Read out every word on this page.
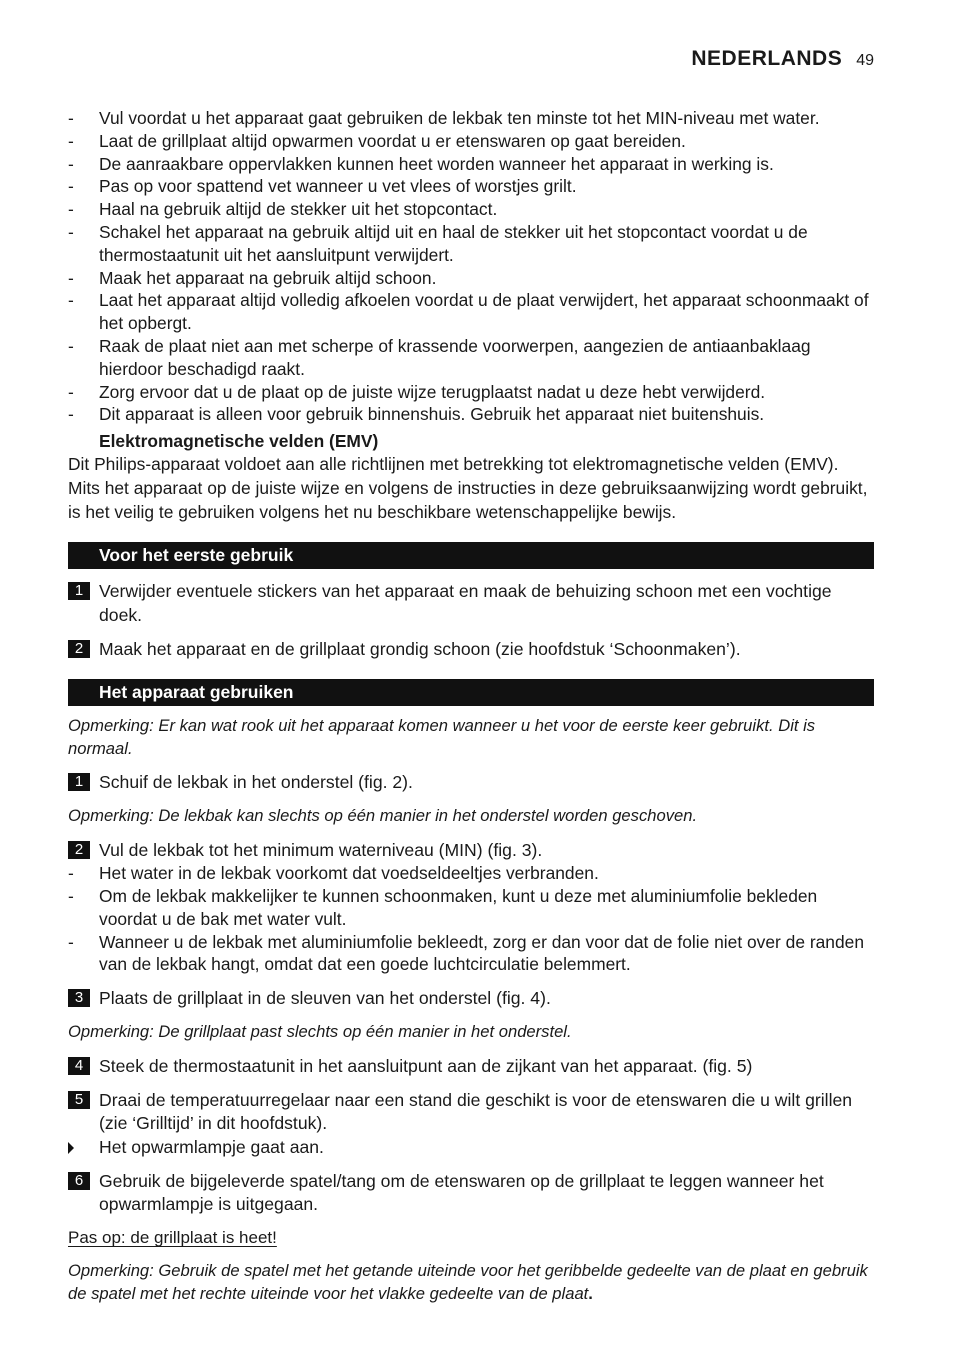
NEDERLANDS 49
- Vul voordat u het apparaat gaat gebruiken de lekbak ten minste tot het MIN-niveau met water.
- Laat de grillplaat altijd opwarmen voordat u er etenswaren op gaat bereiden.
- De aanraakbare oppervlakken kunnen heet worden wanneer het apparaat in werking is.
- Pas op voor spattend vet wanneer u vet vlees of worstjes grilt.
- Haal na gebruik altijd de stekker uit het stopcontact.
- Schakel het apparaat na gebruik altijd uit en haal de stekker uit het stopcontact voordat u de thermostaatunit uit het aansluitpunt verwijdert.
- Maak het apparaat na gebruik altijd schoon.
- Laat het apparaat altijd volledig afkoelen voordat u de plaat verwijdert, het apparaat schoonmaakt of het opbergt.
- Raak de plaat niet aan met scherpe of krassende voorwerpen, aangezien de antiaanbaklaag hierdoor beschadigd raakt.
- Zorg ervoor dat u de plaat op de juiste wijze terugplaatst nadat u deze hebt verwijderd.
- Dit apparaat is alleen voor gebruik binnenshuis. Gebruik het apparaat niet buitenshuis.
Elektromagnetische velden (EMV)
Dit Philips-apparaat voldoet aan alle richtlijnen met betrekking tot elektromagnetische velden (EMV). Mits het apparaat op de juiste wijze en volgens de instructies in deze gebruiksaanwijzing wordt gebruikt, is het veilig te gebruiken volgens het nu beschikbare wetenschappelijke bewijs.
Voor het eerste gebruik
1 Verwijder eventuele stickers van het apparaat en maak de behuizing schoon met een vochtige doek.
2 Maak het apparaat en de grillplaat grondig schoon (zie hoofdstuk ‘Schoonmaken’).
Het apparaat gebruiken
Opmerking: Er kan wat rook uit het apparaat komen wanneer u het voor de eerste keer gebruikt. Dit is normaal.
1 Schuif de lekbak in het onderstel (fig. 2).
Opmerking: De lekbak kan slechts op één manier in het onderstel worden geschoven.
2 Vul de lekbak tot het minimum waterniveau (MIN) (fig. 3).
- Het water in de lekbak voorkomt dat voedseldeeltjes verbranden.
- Om de lekbak makkelijker te kunnen schoonmaken, kunt u deze met aluminiumfolie bekleden voordat u de bak met water vult.
- Wanneer u de lekbak met aluminiumfolie bekleedt, zorg er dan voor dat de folie niet over de randen van de lekbak hangt, omdat dat een goede luchtcirculatie belemmert.
3 Plaats de grillplaat in de sleuven van het onderstel (fig. 4).
Opmerking: De grillplaat past slechts op één manier in het onderstel.
4 Steek de thermostaatunit in het aansluitpunt aan de zijkant van het apparaat. (fig. 5)
5 Draai de temperatuurregelaar naar een stand die geschikt is voor de etenswaren die u wilt grillen (zie ‘Grilltijd’ in dit hoofdstuk).
Het opwarmlampje gaat aan.
6 Gebruik de bijgeleverde spatel/tang om de etenswaren op de grillplaat te leggen wanneer het opwarmlampje is uitgegaan.
Pas op: de grillplaat is heet!
Opmerking: Gebruik de spatel met het getande uiteinde voor het geribbelde gedeelte van de plaat en gebruik de spatel met het rechte uiteinde voor het vlakke gedeelte van de plaat.
